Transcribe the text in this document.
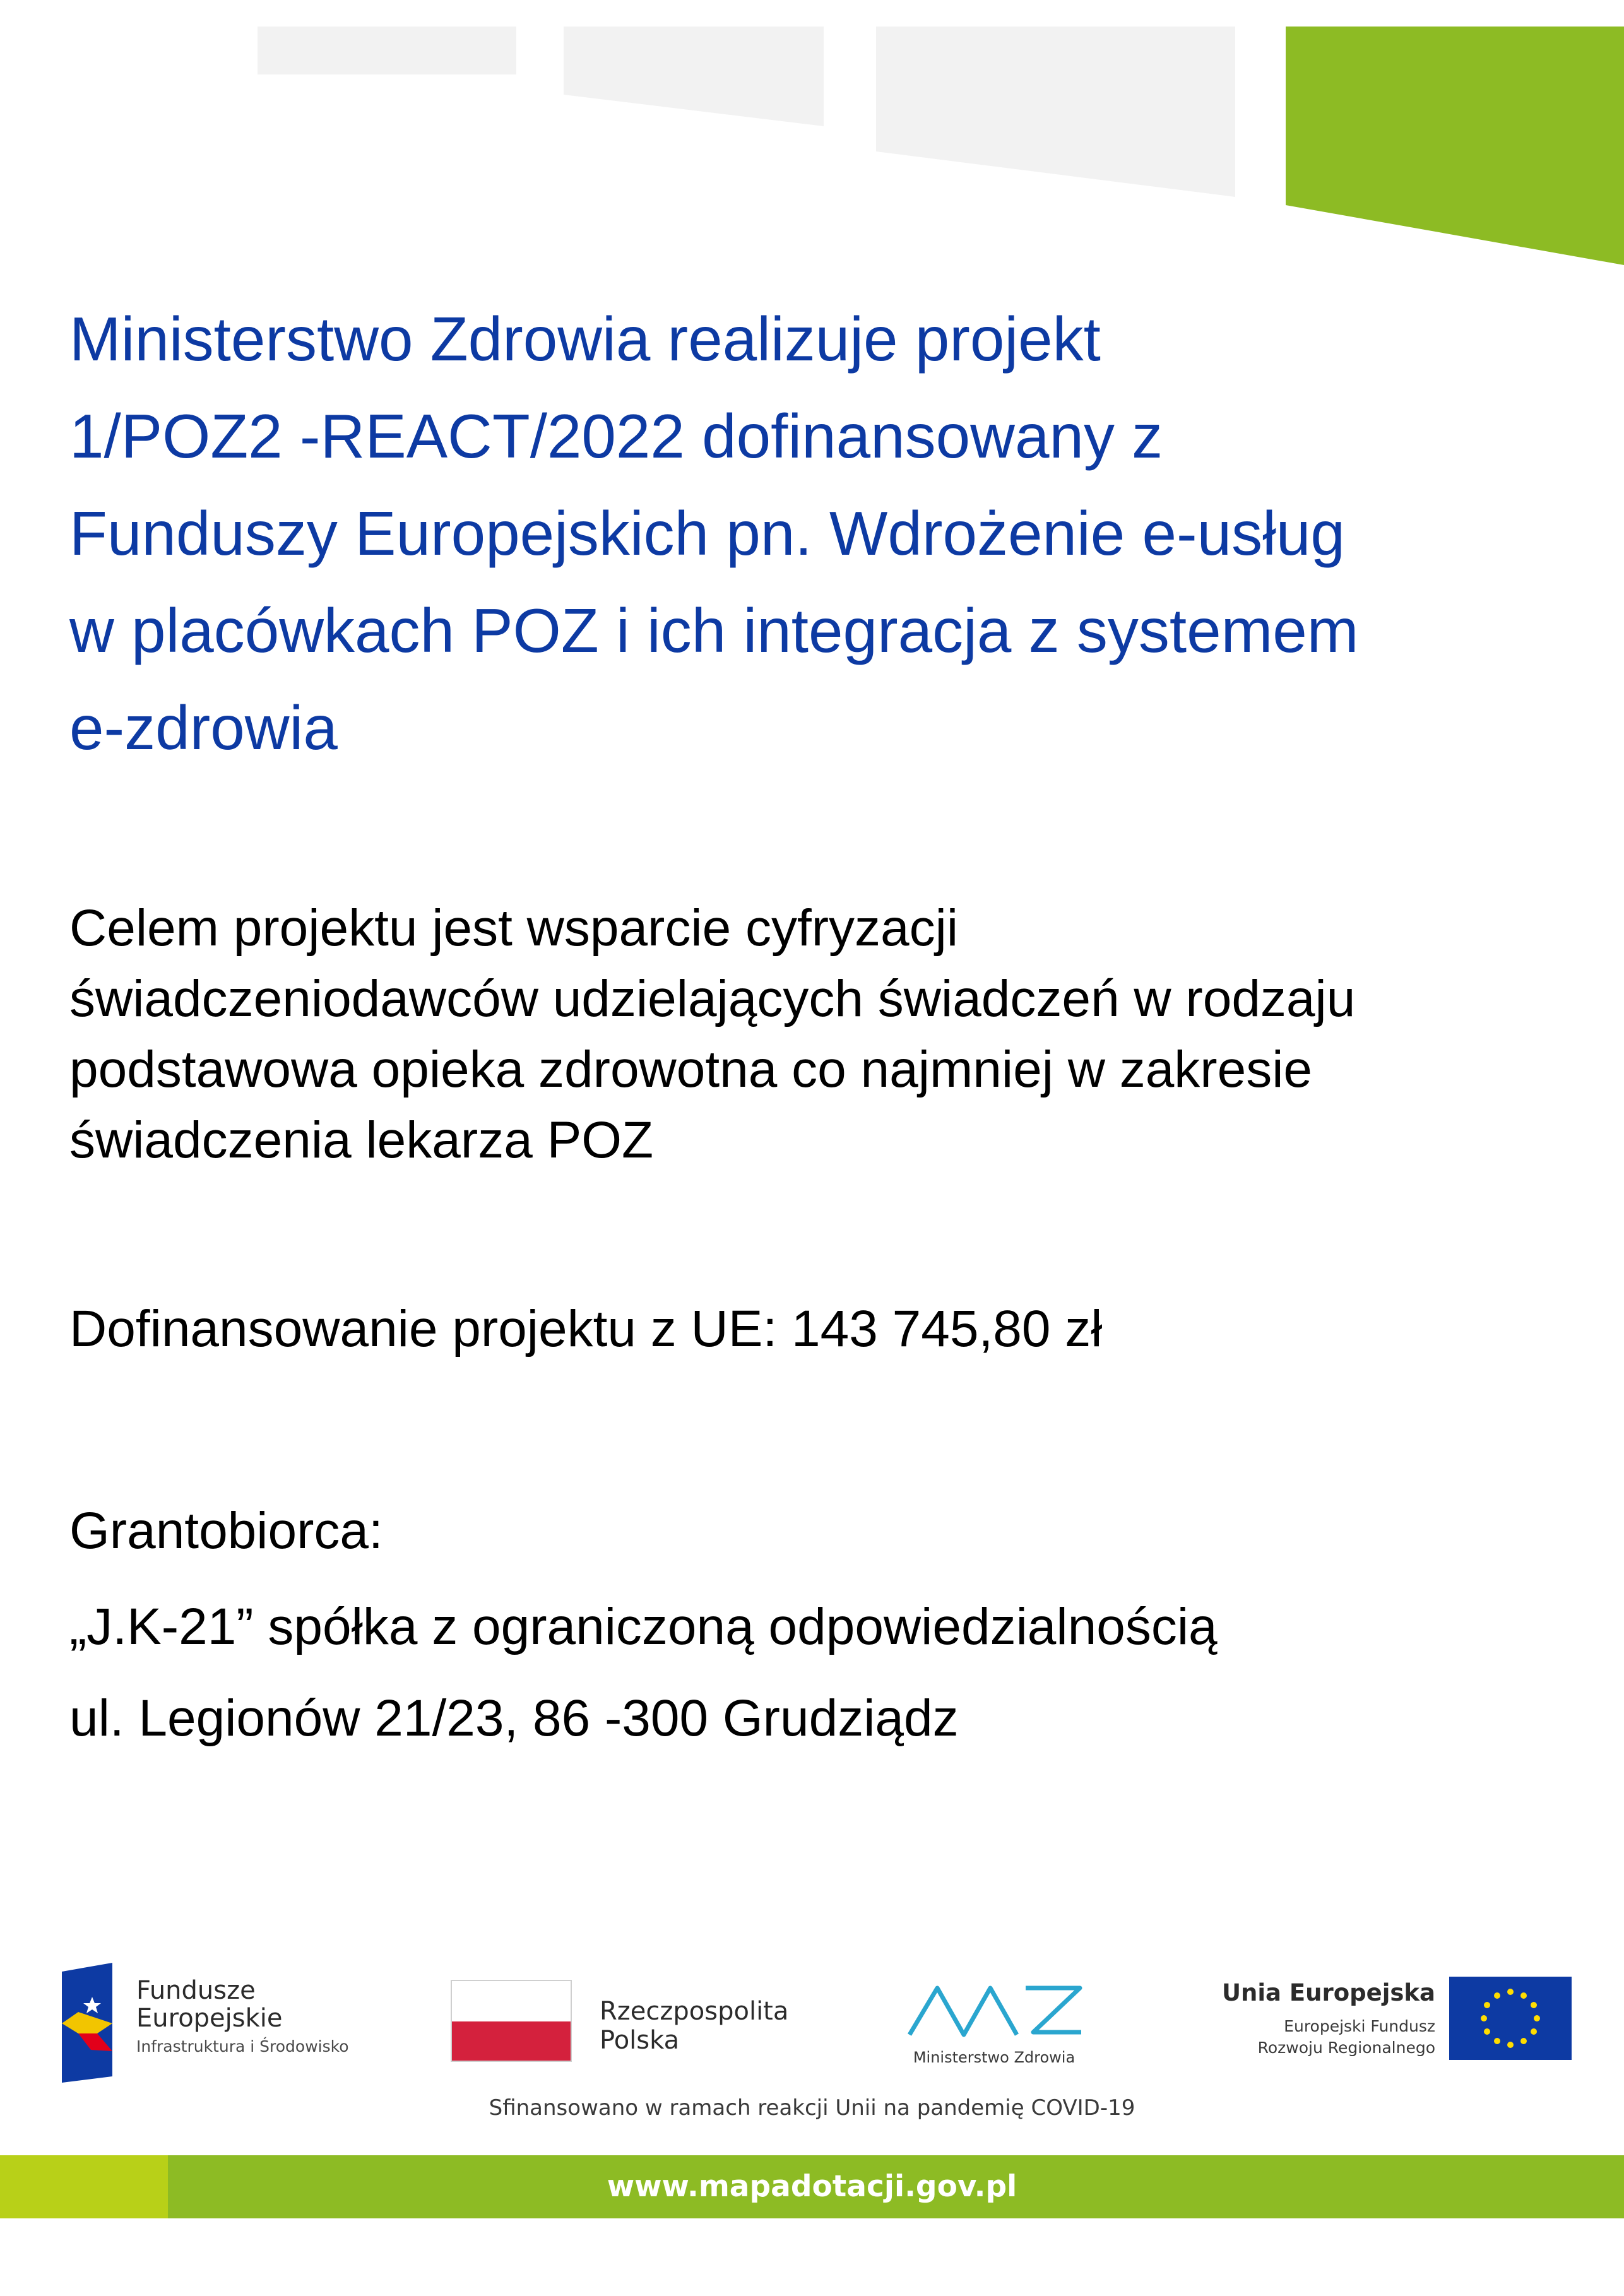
Ministerstwo Zdrowia realizuje projekt
1/POZ2 -REACT/2022 dofinansowany z
Funduszy Europejskich pn. Wdrożenie e-usług
w placówkach POZ i ich integracja z systemem
e-zdrowia

Celem projektu jest wsparcie cyfryzacji
świadczeniodawców udzielających świadczeń w rodzaju
podstawowa opieka zdrowotna co najmniej w zakresie
świadczenia lekarza POZ

Dofinansowanie projektu z UE: 143 745,80 zł

Grantobiorca:

„J.K-21” spółka z ograniczoną odpowiedzialnością

ul. Legionów 21/23, 86 -300 Grudziądz

Fundusze
Europejskie
Infrastruktura i Środowisko
Rzeczpospolita
Polska
Ministerstwo Zdrowia
Unia Europejska
Europejski Fundusz
Rozwoju Regionalnego
Sfinansowano w ramach reakcji Unii na pandemię COVID-19
www.mapadotacji.gov.pl
